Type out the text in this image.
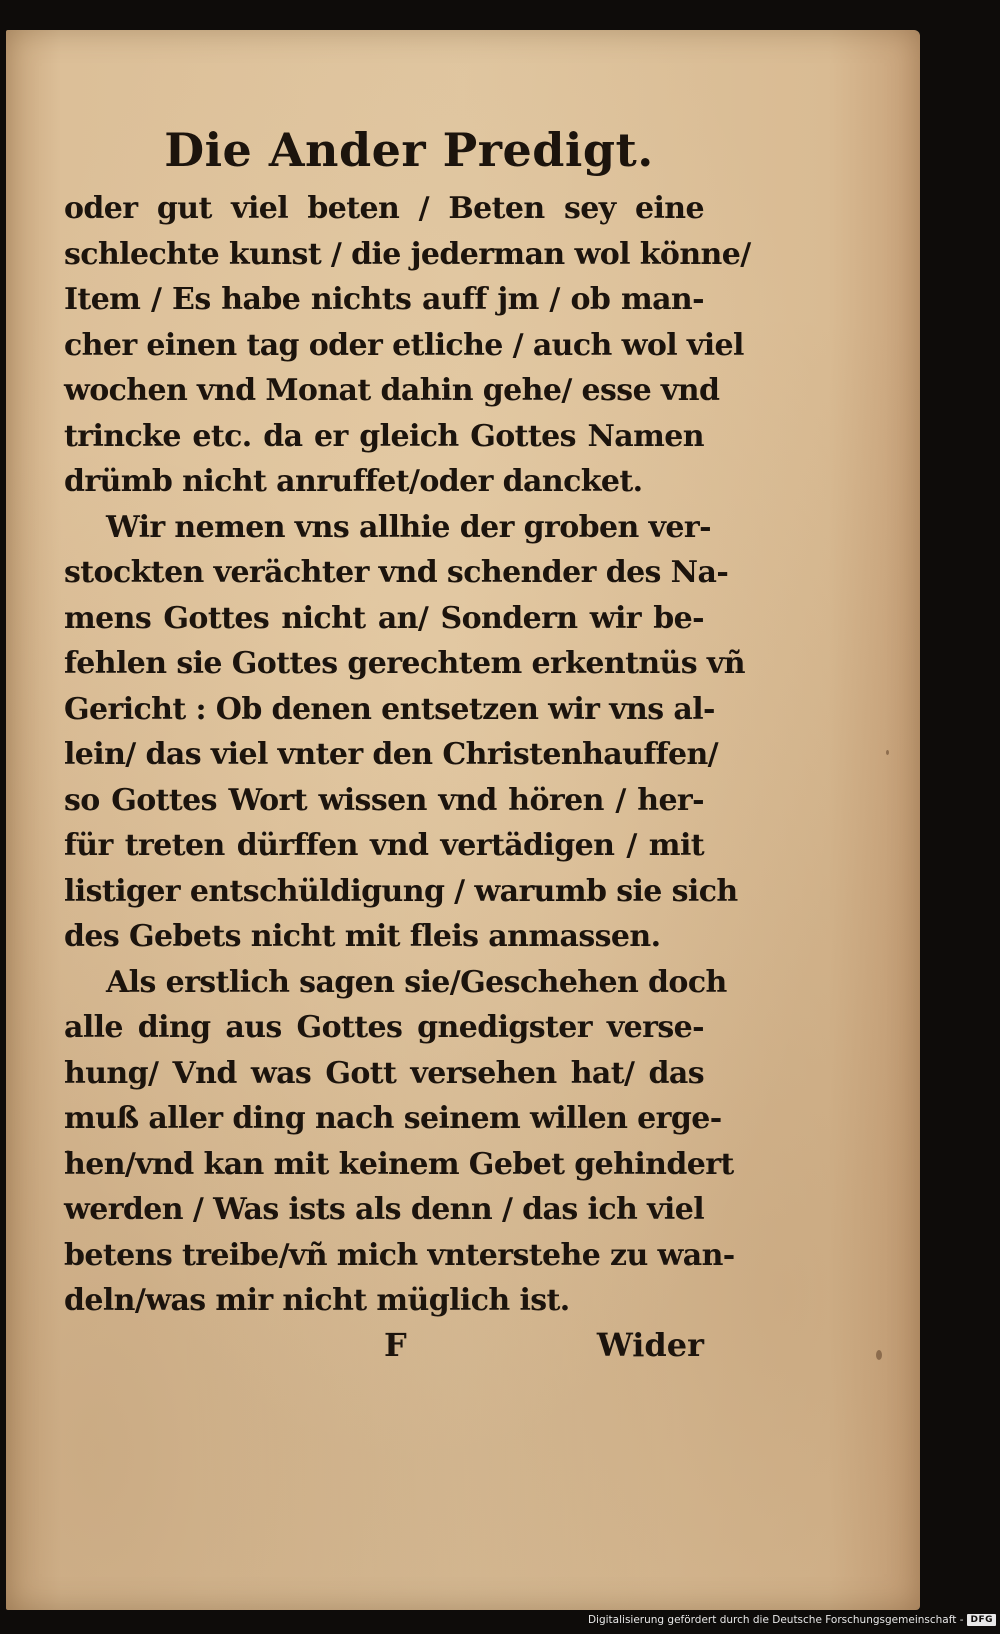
Die Ander Predigt.
oder gut viel beten / Beten sey eine
schlechte kunst / die jederman wol könne/
Item / Es habe nichts auff jm / ob man-
cher einen tag oder etliche / auch wol viel
wochen vnd Monat dahin gehe/ esse vnd
trincke etc. da er gleich Gottes Namen
drümb nicht anruffet/oder dancket.
Wir nemen vns allhie der groben ver-
stockten verächter vnd schender des Na-
mens Gottes nicht an/ Sondern wir be-
fehlen sie Gottes gerechtem erkentnüs vñ
Gericht : Ob denen entsetzen wir vns al-
lein/ das viel vnter den Christenhauffen/
so Gottes Wort wissen vnd hören / her-
für treten dürffen vnd vertädigen / mit
listiger entschüldigung / warumb sie sich
des Gebets nicht mit fleis anmassen.
Als erstlich sagen sie/Geschehen doch
alle ding aus Gottes gnedigster verse-
hung/ Vnd was Gott versehen hat/ das
muß aller ding nach seinem willen erge-
hen/vnd kan mit keinem Gebet gehindert
werden / Was ists als denn / das ich viel
betens treibe/vñ mich vnterstehe zu wan-
deln/was mir nicht müglich ist.
F	Wider
Digitalisierung gefördert durch die Deutsche Forschungsgemeinschaft - DFG
